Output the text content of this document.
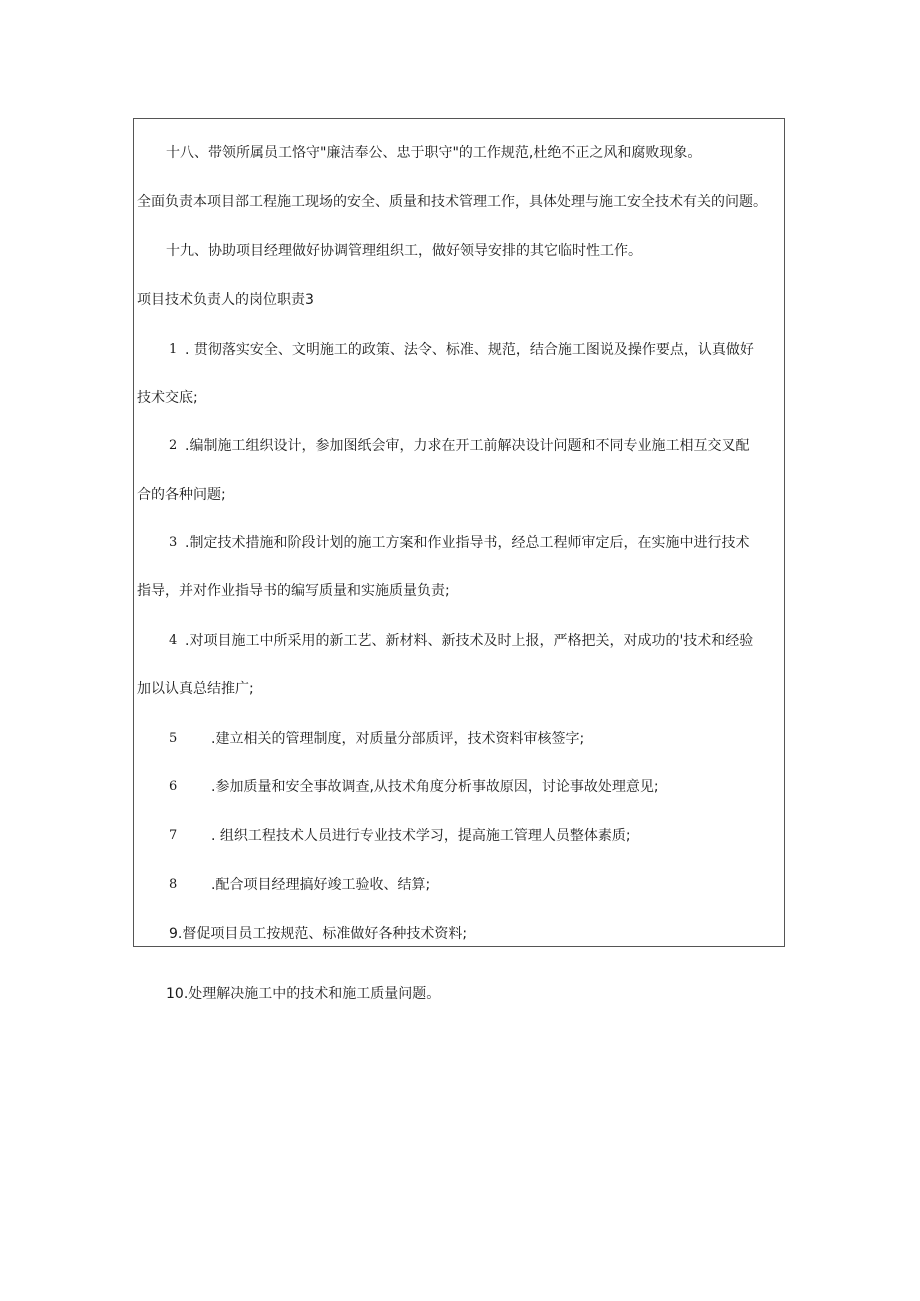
十八、带领所属员工恪守"廉洁奉公、忠于职守"的工作规范,杜绝不正之风和腐败现象。
全面负责本项目部工程施工现场的安全、质量和技术管理工作，具体处理与施工安全技术有关的问题。
十九、协助项目经理做好协调管理组织工，做好领导安排的其它临时性工作。
项目技术负责人的岗位职责3
1 . 贯彻落实安全、文明施工的政策、法令、标准、规范，结合施工图说及操作要点，认真做好
技术交底;
2 .编制施工组织设计，参加图纸会审，力求在开工前解决设计问题和不同专业施工相互交叉配
合的各种问题;
3 .制定技术措施和阶段计划的施工方案和作业指导书，经总工程师审定后，在实施中进行技术
指导，并对作业指导书的编写质量和实施质量负责;
4 .对项目施工中所采用的新工艺、新材料、新技术及时上报，严格把关，对成功的'技术和经验
加以认真总结推广;
5 .建立相关的管理制度，对质量分部质评，技术资料审核签字;
6 .参加质量和安全事故调查,从技术角度分析事故原因，讨论事故处理意见;
7 . 组织工程技术人员进行专业技术学习，提高施工管理人员整体素质;
8 .配合项目经理搞好竣工验收、结算;
9.督促项目员工按规范、标准做好各种技术资料;
10.处理解决施工中的技术和施工质量问题。
